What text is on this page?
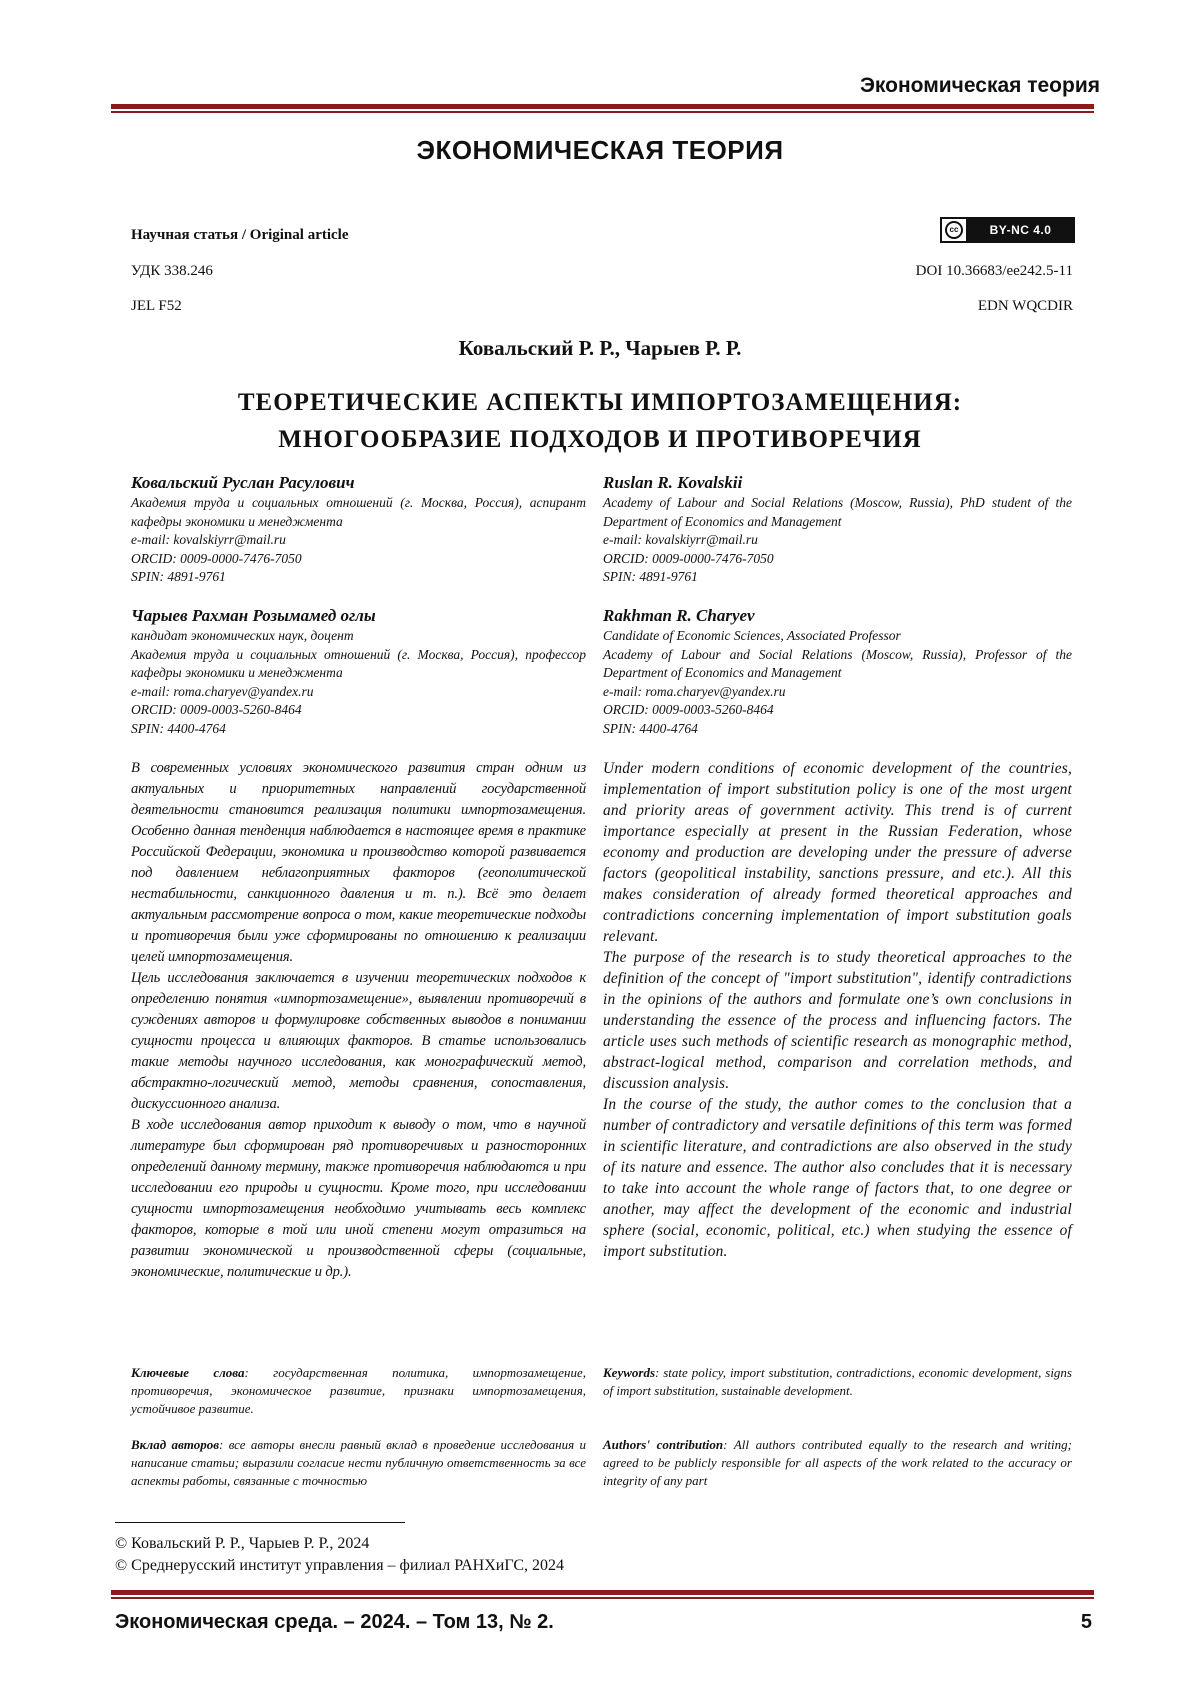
Экономическая теория
ЭКОНОМИЧЕСКАЯ ТЕОРИЯ
Научная статья / Original article	cc	BY-NC 4.0
УДК 338.246	DOI 10.36683/ee242.5-11
JEL F52	EDN WQCDIR
Ковальский Р. Р., Чарыев Р. Р.
ТЕОРЕТИЧЕСКИЕ АСПЕКТЫ ИМПОРТОЗАМЕЩЕНИЯ:
МНОГООБРАЗИЕ ПОДХОДОВ И ПРОТИВОРЕЧИЯ
Ковальский Руслан Расулович
Академия труда и социальных отношений (г. Москва, Россия), аспирант кафедры экономики и менеджмента
e-mail: kovalskiyrr@mail.ru
ORCID: 0009-0000-7476-7050
SPIN: 4891-9761
Ruslan R. Kovalskii
Academy of Labour and Social Relations (Moscow, Russia), PhD student of the Department of Economics and Management
e-mail: kovalskiyrr@mail.ru
ORCID: 0009-0000-7476-7050
SPIN: 4891-9761
Чарыев Рахман Розымамед оглы
кандидат экономических наук, доцент
Академия труда и социальных отношений (г. Москва, Россия), профессор кафедры экономики и менеджмента
e-mail: roma.charyev@yandex.ru
ORCID: 0009-0003-5260-8464
SPIN: 4400-4764
Rakhman R. Charyev
Candidate of Economic Sciences, Associated Professor
Academy of Labour and Social Relations (Moscow, Russia), Professor of the Department of Economics and Management
e-mail: roma.charyev@yandex.ru
ORCID: 0009-0003-5260-8464
SPIN: 4400-4764

В современных условиях экономического развития стран одним из актуальных и приоритетных направлений государственной деятельности становится реализация политики импортозамещения. Особенно данная тенденция наблюдается в настоящее время в практике Российской Федерации, экономика и производство которой развивается под давлением неблагоприятных факторов (геополитической нестабильности, санкционного давления и т. п.). Всё это делает актуальным рассмотрение вопроса о том, какие теоретические подходы и противоречия были уже сформированы по отношению к реализации целей импортозамещения.

Цель исследования заключается в изучении теоретических подходов к определению понятия «импортозамещение», выявлении противоречий в суждениях авторов и формулировке собственных выводов в понимании сущности процесса и влияющих факторов. В статье использовались такие методы научного исследования, как монографический метод, абстрактно-логический метод, методы сравнения, сопоставления, дискуссионного анализа.

В ходе исследования автор приходит к выводу о том, что в научной литературе был сформирован ряд противоречивых и разносторонних определений данному термину, также противоречия наблюдаются и при исследовании его природы и сущности. Кроме того, при исследовании сущности импортозамещения необходимо учитывать весь комплекс факторов, которые в той или иной степени могут отразиться на развитии экономической и производственной сферы (социальные, экономические, политические и др.).

Under modern conditions of economic development of the countries, implementation of import substitution policy is one of the most urgent and priority areas of government activity. This trend is of current importance especially at present in the Russian Federation, whose economy and production are developing under the pressure of adverse factors (geopolitical instability, sanctions pressure, and etc.). All this makes consideration of already formed theoretical approaches and contradictions concerning implementation of import substitution goals relevant.

The purpose of the research is to study theoretical approaches to the definition of the concept of "import substitution", identify contradictions in the opinions of the authors and formulate one’s own conclusions in understanding the essence of the process and influencing factors. The article uses such methods of scientific research as monographic method, abstract-logical method, comparison and correlation methods, and discussion analysis.

In the course of the study, the author comes to the conclusion that a number of contradictory and versatile definitions of this term was formed in scientific literature, and contradictions are also observed in the study of its nature and essence. The author also concludes that it is necessary to take into account the whole range of factors that, to one degree or another, may affect the development of the economic and industrial sphere (social, economic, political, etc.) when studying the essence of import substitution.

Ключевые слова: государственная политика, импортозамещение, противоречия, экономическое развитие, признаки импортозамещения, устойчивое развитие.

Keywords: state policy, import substitution, contradictions, economic development, signs of import substitution, sustainable development.

Вклад авторов: все авторы внесли равный вклад в проведение исследования и написание статьи; выразили согласие нести публичную ответственность за все аспекты работы, связанные с точностью

Authors' contribution: All authors contributed equally to the research and writing; agreed to be publicly responsible for all aspects of the work related to the accuracy or integrity of any part

© Ковальский Р. Р., Чарыев Р. Р., 2024
© Среднерусский институт управления – филиал РАНХиГС, 2024
Экономическая среда. – 2024. – Том 13, № 2.	5
